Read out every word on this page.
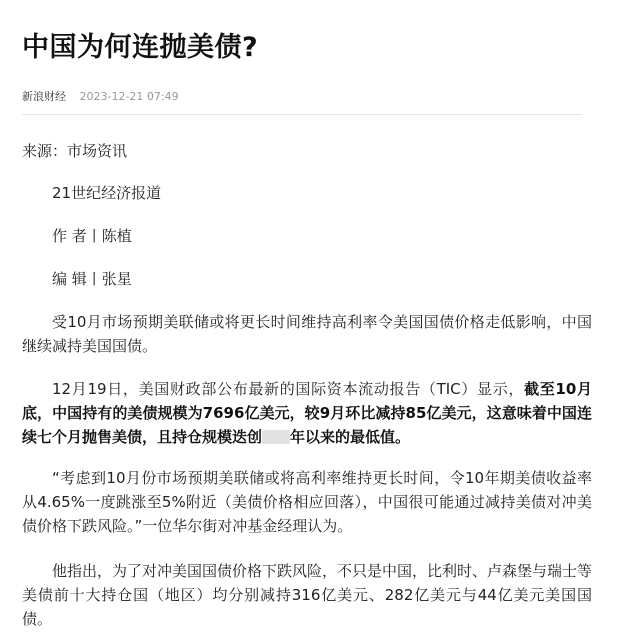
中国为何连抛美债?
新浪财经 2023-12-21 07:49
来源：市场资讯
21世纪经济报道
作 者丨陈植
编 辑丨张星

受10月市场预期美联储或将更长时间维持高利率令美国国债价格走低影响，中国继续减持美国国债。

12月19日，美国财政部公布最新的国际资本流动报告（TIC）显示，截至10月底，中国持有的美债规模为7696亿美元，较9月环比减持85亿美元，这意味着中国连续七个月抛售美债，且持仓规模迭创 年以来的最低值。

“考虑到10月份市场预期美联储或将高利率维持更长时间，令10年期美债收益率从4.65%一度跳涨至5%附近（美债价格相应回落），中国很可能通过减持美债对冲美债价格下跌风险。”一位华尔街对冲基金经理认为。

他指出，为了对冲美国国债价格下跌风险，不只是中国，比利时、卢森堡与瑞士等美债前十大持仓国（地区）均分别减持316亿美元、282亿美元与44亿美元美国国债。
